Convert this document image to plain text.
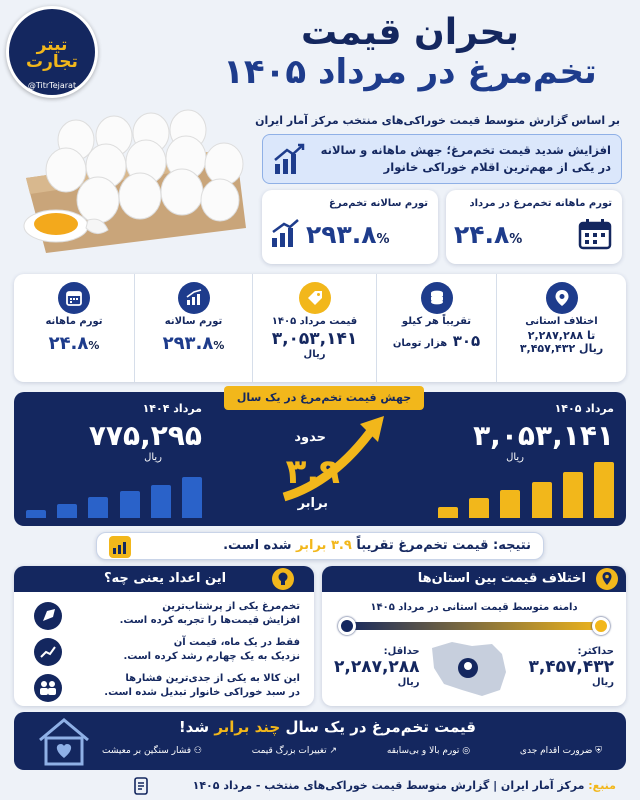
تیتر تجارت
@TitrTejarat
بحران قیمت
تخم‌مرغ در مرداد ۱۴۰۵
بر اساس گزارش متوسط قیمت خوراکی‌های منتخب مرکز آمار ایران
افزایش شدید قیمت تخم‌مرغ؛ جهش ماهانه و سالانه
در یکی از مهم‌ترین اقلام خوراکی خانوار
تورم ماهانه تخم‌مرغ در مرداد
۲۴.۸%
تورم سالانه تخم‌مرغ
۲۹۳.۸%
اختلاف استانی
تا ۲,۲۸۷,۲۸۸
ریال ۳,۴۵۷,۴۳۲
تقریباً هر کیلو
۳۰۵ هزار تومان
قیمت مرداد ۱۴۰۵
۳,۰۵۳,۱۴۱
ریال
تورم سالانه
۲۹۳.۸%
تورم ماهانه
۲۴.۸%
جهش قیمت تخم‌مرغ در یک سال
مرداد ۱۴۰۵
۳,۰۵۳,۱۴۱
ریال
حدود
۳.۹
برابر
مرداد ۱۴۰۴
۷۷۵,۲۹۵
ریال
نتیجه: قیمت تخم‌مرغ تقریباً ۳.۹ برابر شده است.
اختلاف قیمت بین استان‌ها
دامنه متوسط قیمت استانی در مرداد ۱۴۰۵
حداکثر:
۳,۴۵۷,۴۳۲
ریال
حداقل:
۲,۲۸۷,۲۸۸
ریال
این اعداد یعنی چه؟
تخم‌مرغ یکی از پرشتاب‌ترین
افزایش قیمت‌ها را تجربه کرده است.
فقط در یک ماه، قیمت آن
نزدیک به یک چهارم رشد کرده است.
این کالا به یکی از جدی‌ترین فشارها
در سبد خوراکی خانوار تبدیل شده است.
قیمت تخم‌مرغ در یک سال چند برابر شد!
⛨ ضرورت اقدام جدی
◎ تورم بالا و بی‌سابقه
↗ تغییرات بزرگ قیمت
⚇ فشار سنگین بر معیشت
منبع: مرکز آمار ایران | گزارش متوسط قیمت خوراکی‌های منتخب - مرداد ۱۴۰۵
